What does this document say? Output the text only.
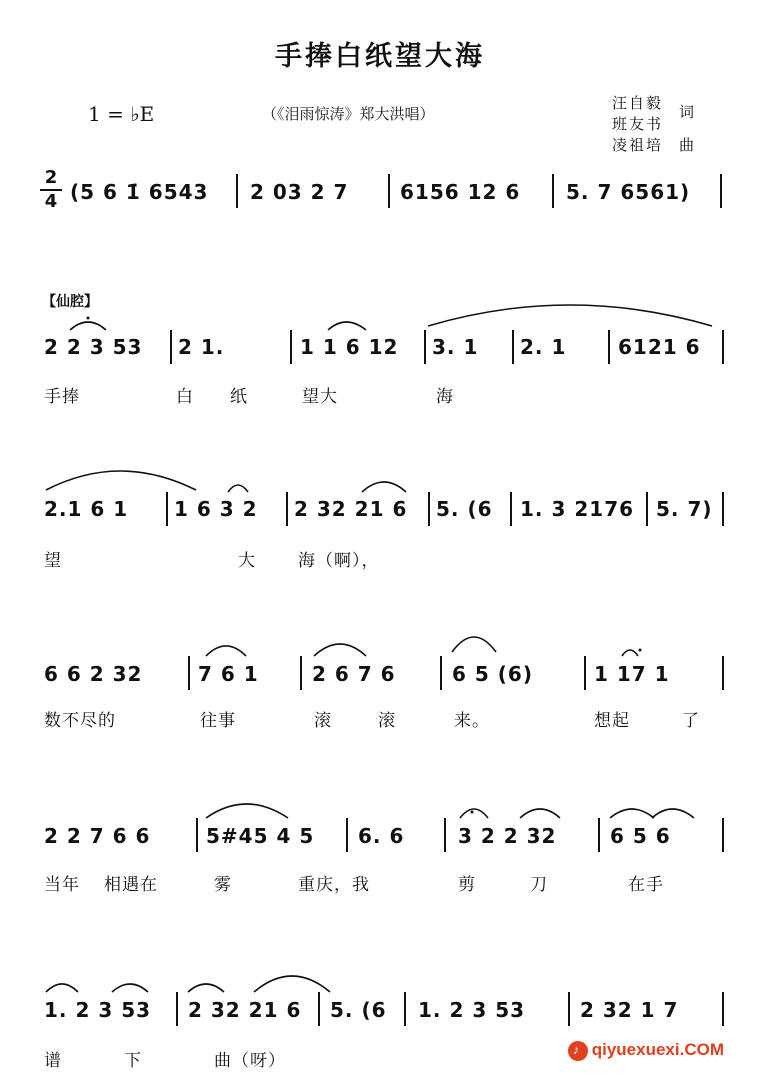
手捧白纸望大海
1 = ♭E	（《泪雨惊涛》郑大洪唱）
汪自毅
班友书
凌祖培
词
曲
2
4
【仙腔】
(5 6 1̇ 6543 2 03 2 7	6156 12 6 5. 7 6561)
2 2 3 53 2 1.	1 1 6 12 3. 1 2. 1	6121 6
手捧	白 纸	望大	海
2.1 6 1 1 6 3 2 2 32 21 6 5. (6 1. 3 2176 5. 7)
望	大 海（啊），
6 6 2 32	7 6 1	2 6 7 6	6 5 (6)	1 17 1
数不尽的	往事	滚	滚	来。	想起	了
2 2 7 6 6	5#45 4 5 6. 6	3 2 2 32	6 5 6
当年 相遇在	雾	重庆，我	剪	刀	在手
1. 2 3 53 2 32 21 6 5. (6 1. 2 3 53	2 32 1 7
谱	下	曲（呀）
♪qiyuexuexi.COM
